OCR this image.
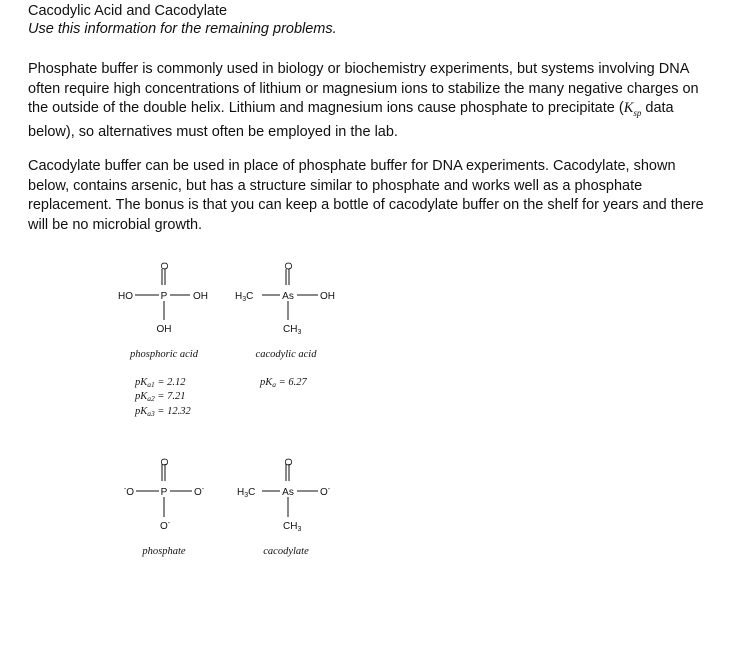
Cacodylic Acid and Cacodylate
Use this information for the remaining problems.
Phosphate buffer is commonly used in biology or biochemistry experiments, but systems involving DNA often require high concentrations of lithium or magnesium ions to stabilize the many negative charges on the outside of the double helix. Lithium and magnesium ions cause phosphate to precipitate ($K_{sp}$ data below), so alternatives must often be employed in the lab.
Cacodylate buffer can be used in place of phosphate buffer for DNA experiments. Cacodylate, shown below, contains arsenic, but has a structure similar to phosphate and works well as a phosphate replacement. The bonus is that you can keep a bottle of cacodylate buffer on the shelf for years and there will be no microbial growth.
O
HO	P	OH
OH
phosphoric acid
pKa1 = 2.12
pKa2 = 7.21
pKa3 = 12.32
O
$H_3C$	As	OH
$CH_3$
cacodylic acid
pKa = 6.27
O
-O	P	O-
O-
phosphate
O
$H_3C$	As	O-
$CH_3$
cacodylate
